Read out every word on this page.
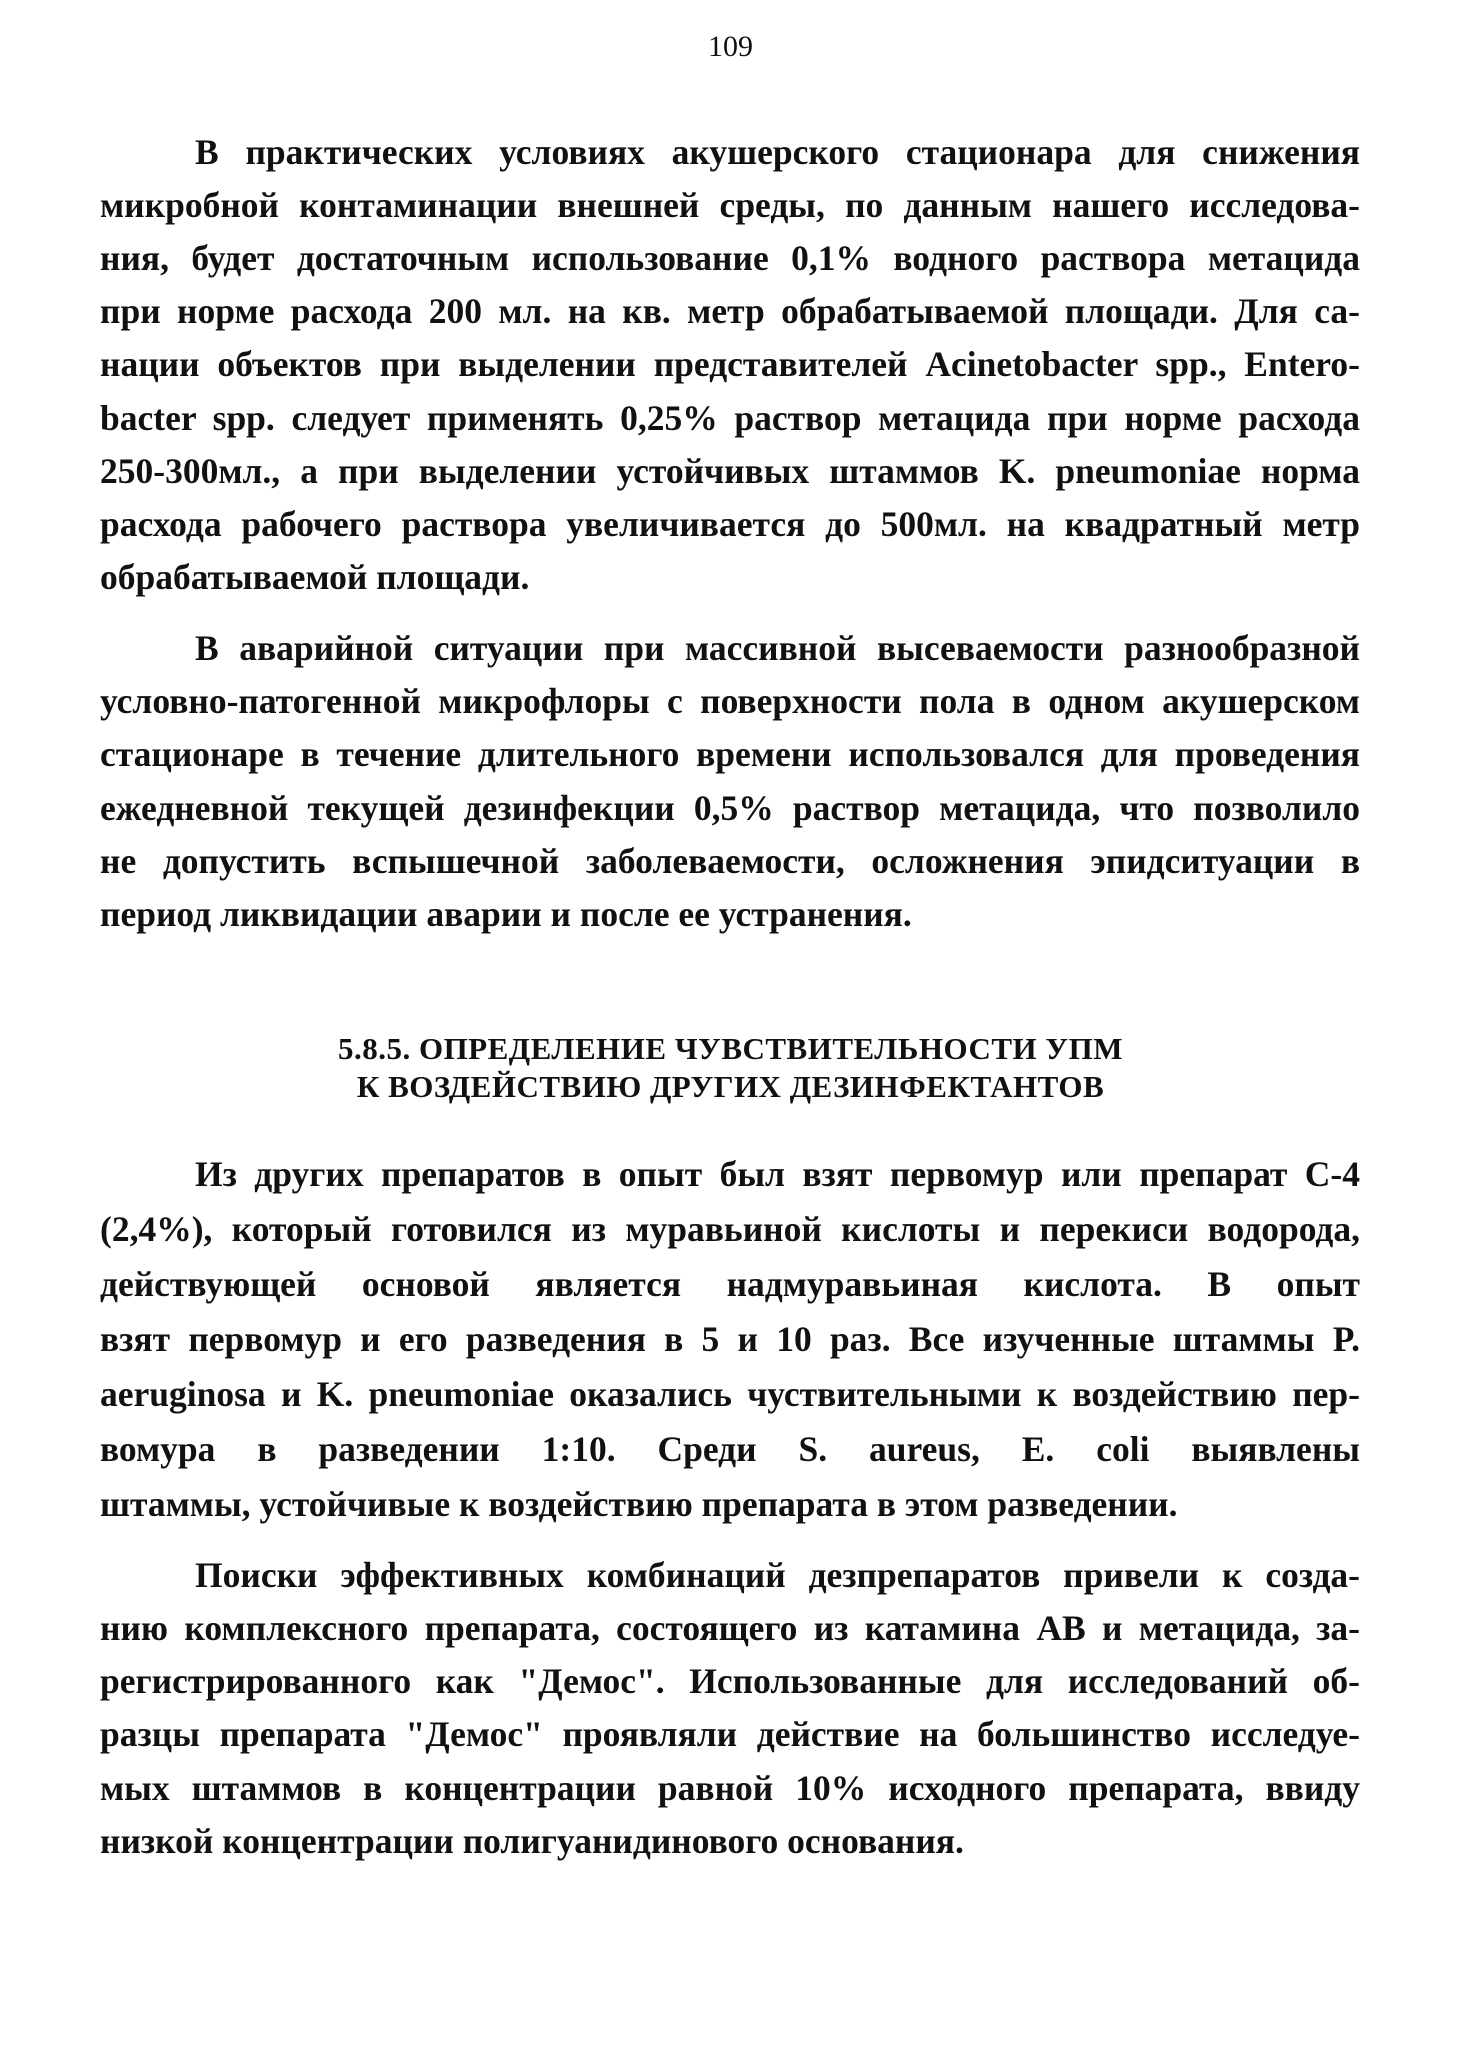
109
В практических условиях акушерского стационара для снижения
микробной контаминации внешней среды, по данным нашего исследова-
ния, будет достаточным использование 0,1% водного раствора метацида
при норме расхода 200 мл. на кв. метр обрабатываемой площади. Для са-
нации объектов при выделении представителей Acinetobacter spp., Entero-
bacter spp. следует применять 0,25% раствор метацида при норме расхода
250-300мл., а при выделении устойчивых штаммов K. pneumoniae норма
расхода рабочего раствора увеличивается до 500мл. на квадратный метр
обрабатываемой площади.
В аварийной ситуации при массивной высеваемости разнообразной
условно-патогенной микрофлоры с поверхности пола в одном акушерском
стационаре в течение длительного времени использовался для проведения
ежедневной текущей дезинфекции 0,5% раствор метацида, что позволило
не допустить вспышечной заболеваемости, осложнения эпидситуации в
период ликвидации аварии и после ее устранения.
5.8.5. ОПРЕДЕЛЕНИЕ ЧУВСТВИТЕЛЬНОСТИ УПМ
К ВОЗДЕЙСТВИЮ ДРУГИХ ДЕЗИНФЕКТАНТОВ
Из других препаратов в опыт был взят первомур или препарат С-4
(2,4%), который готовился из муравьиной кислоты и перекиси водорода,
действующей основой является надмуравьиная кислота. В опыт
взят первомур и его разведения в 5 и 10 раз. Все изученные штаммы P.
aeruginosa и K. pneumoniae оказались чуствительными к воздействию пер-
вомура в разведении 1:10. Среди S. aureus, E. coli выявлены
штаммы, устойчивые к воздействию препарата в этом разведении.
Поиски эффективных комбинаций дезпрепаратов привели к созда-
нию комплексного препарата, состоящего из катамина АВ и метацида, за-
регистрированного как "Демос". Использованные для исследований об-
разцы препарата "Демос" проявляли действие на большинство исследуе-
мых штаммов в концентрации равной 10% исходного препарата, ввиду
низкой концентрации полигуанидинового основания.
